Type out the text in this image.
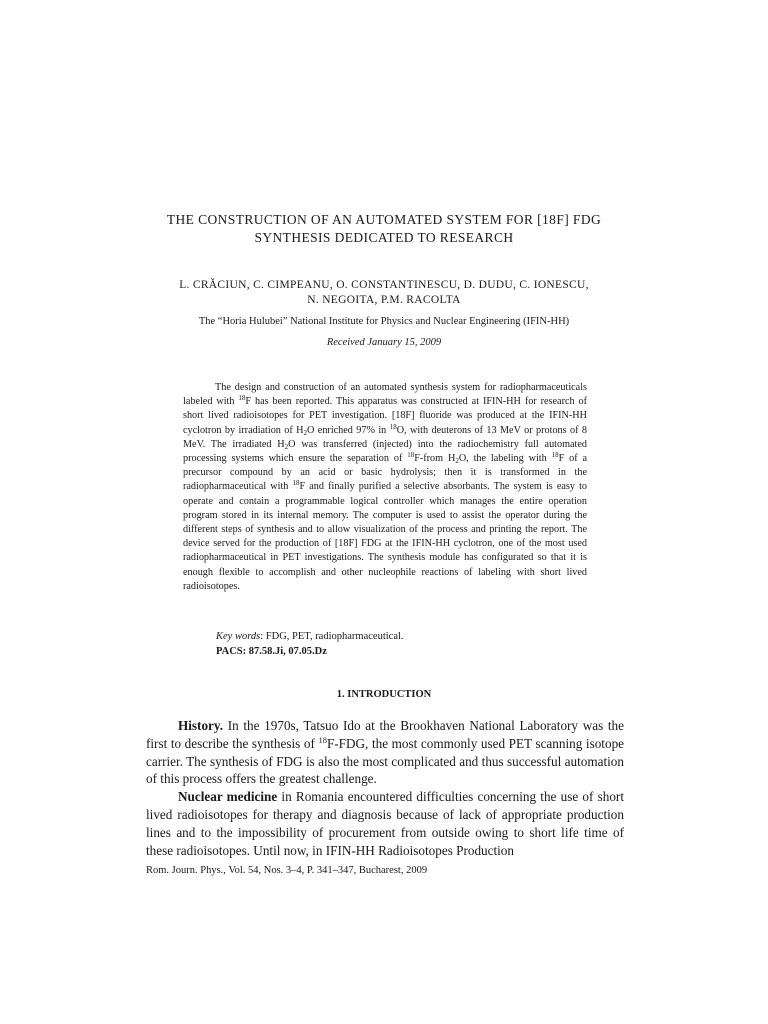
THE CONSTRUCTION OF AN AUTOMATED SYSTEM FOR [18F] FDG
SYNTHESIS DEDICATED TO RESEARCH
L. CRĂCIUN, C. CIMPEANU, O. CONSTANTINESCU, D. DUDU, C. IONESCU,
N. NEGOITA, P.M. RACOLTA
The “Horia Hulubei” National Institute for Physics and Nuclear Engineering (IFIN-HH)
Received January 15, 2009
The design and construction of an automated synthesis system for radiopharmaceuticals labeled with $^{18}$F has been reported. This apparatus was constructed at IFIN-HH for research of short lived radioisotopes for PET investigation. [18F] fluoride was produced at the IFIN-HH cyclotron by irradiation of $H_2O$ enriched 97% in $^{18}$O, with deuterons of 13 MeV or protons of 8 MeV. The irradiated $H_2O$ was transferred (injected) into the radiochemistry full automated processing systems which ensure the separation of $^{18}$F-from $H_2O$, the labeling with $^{18}$F of a precursor compound by an acid or basic hydrolysis; then it is transformed in the radiopharmaceutical with $^{18}$F and finally purified a selective absorbants. The system is easy to operate and contain a programmable logical controller which manages the entire operation program stored in its internal memory. The computer is used to assist the operator during the different steps of synthesis and to allow visualization of the process and printing the report. The device served for the production of [18F] FDG at the IFIN-HH cyclotron, one of the most used radiopharmaceutical in PET investigations. The synthesis module has configurated so that it is enough flexible to accomplish and other nucleophile reactions of labeling with short lived radioisotopes.
Key words: FDG, PET, radiopharmaceutical.
PACS: 87.58.Ji, 07.05.Dz
1. INTRODUCTION

History. In the 1970s, Tatsuo Ido at the Brookhaven National Laboratory was the first to describe the synthesis of $^{18}$F-FDG, the most commonly used PET scanning isotope carrier. The synthesis of FDG is also the most complicated and thus successful automation of this process offers the greatest challenge.

Nuclear medicine in Romania encountered difficulties concerning the use of short lived radioisotopes for therapy and diagnosis because of lack of appropriate production lines and to the impossibility of procurement from outside owing to short life time of these radioisotopes. Until now, in IFIN-HH Radioisotopes Production

Rom. Journ. Phys., Vol. 54, Nos. 3–4, P. 341–347, Bucharest, 2009
